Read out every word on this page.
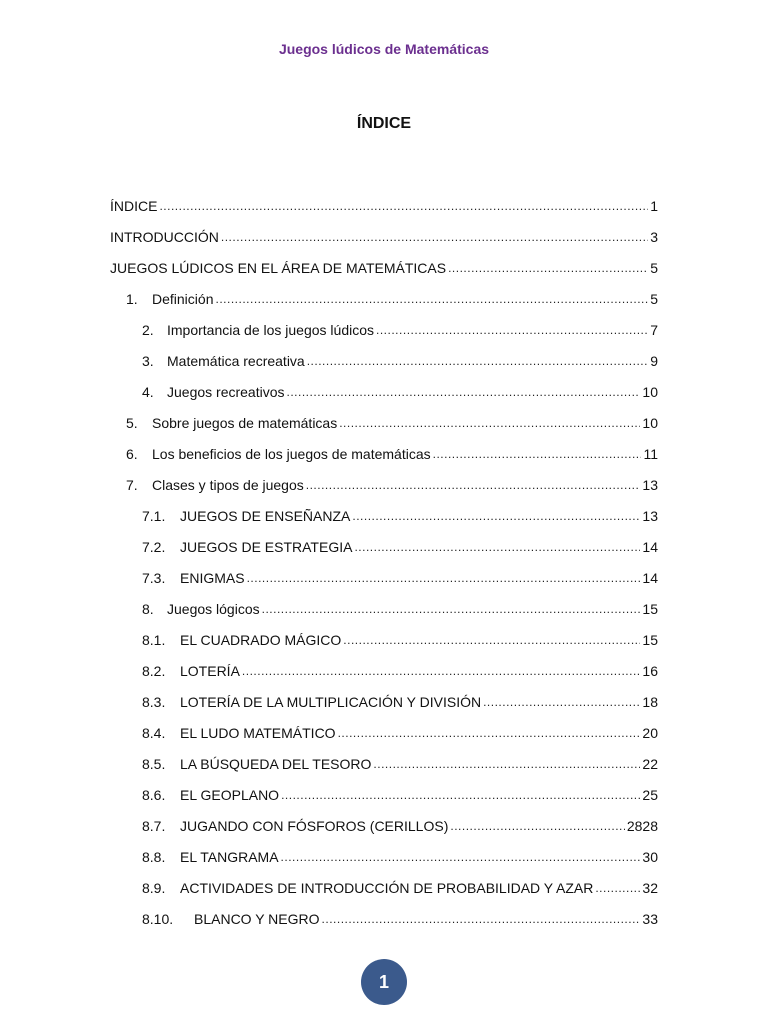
Juegos lúdicos de Matemáticas
ÍNDICE
ÍNDICE .....	1
INTRODUCCIÓN .....	3
JUEGOS LÚDICOS EN EL ÁREA DE MATEMÁTICAS .....	5
1.	Definición .....	5
2. Importancia de los juegos lúdicos .....	7
3. Matemática recreativa .....	9
4. Juegos recreativos .....	10
5.	Sobre juegos de matemáticas .....	10
6.	Los beneficios de los juegos de matemáticas .....	11
7.	Clases y tipos de juegos .....	13
7.1.	JUEGOS DE ENSEÑANZA .....	13
7.2.	JUEGOS DE ESTRATEGIA .....	14
7.3.	ENIGMAS .....	14
8. Juegos lógicos .....	15
8.1.	EL CUADRADO MÁGICO .....	15
8.2.	LOTERÍA .....	16
8.3.	LOTERÍA DE LA MULTIPLICACIÓN Y DIVISIÓN .....	18
8.4.	EL LUDO MATEMÁTICO .....	20
8.5.	LA BÚSQUEDA DEL TESORO .....	22
8.6.	EL GEOPLANO .....	25
8.7.	JUGANDO CON FÓSFOROS (CERILLOS) .....	2828
8.8.	EL TANGRAMA .....	30
8.9.	ACTIVIDADES DE INTRODUCCIÓN DE PROBABILIDAD Y AZAR .....	32
8.10.	BLANCO Y NEGRO .....	33
1
